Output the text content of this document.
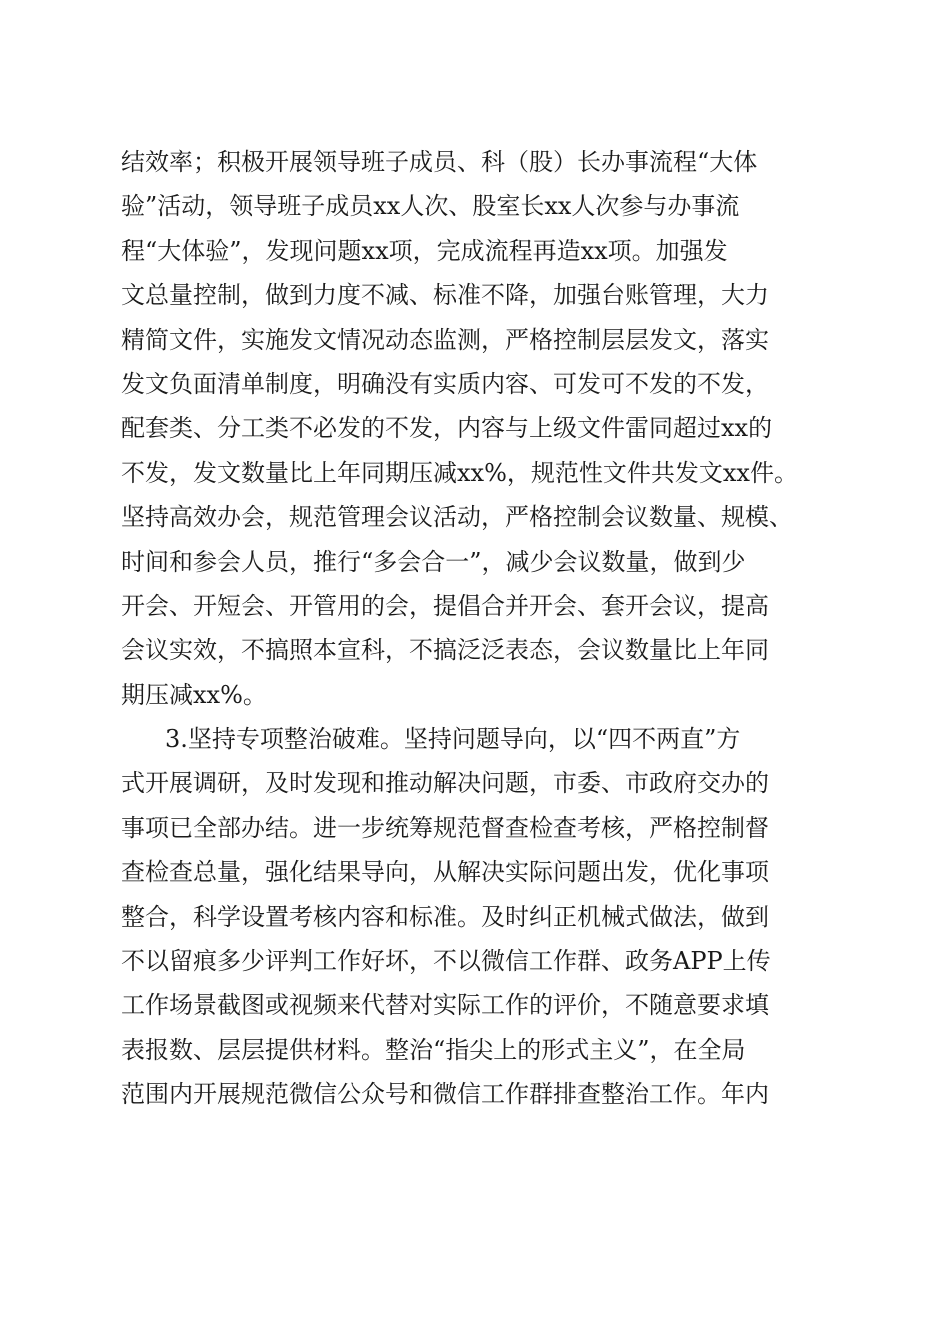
结效率；积极开展领导班子成员、科（股）长办事流程“大体
验”活动，领导班子成员xx人次、股室长xx人次参与办事流
程“大体验”，发现问题xx项，完成流程再造xx项。加强发
文总量控制，做到力度不减、标准不降，加强台账管理，大力
精简文件，实施发文情况动态监测，严格控制层层发文，落实
发文负面清单制度，明确没有实质内容、可发可不发的不发，
配套类、分工类不必发的不发，内容与上级文件雷同超过xx的
不发，发文数量比上年同期压减xx%，规范性文件共发文xx件。
坚持高效办会，规范管理会议活动，严格控制会议数量、规模、
时间和参会人员，推行“多会合一”，减少会议数量，做到少
开会、开短会、开管用的会，提倡合并开会、套开会议，提高
会议实效，不搞照本宣科，不搞泛泛表态，会议数量比上年同
期压减xx%。
3.坚持专项整治破难。坚持问题导向，以“四不两直”方
式开展调研，及时发现和推动解决问题，市委、市政府交办的
事项已全部办结。进一步统筹规范督查检查考核，严格控制督
查检查总量，强化结果导向，从解决实际问题出发，优化事项
整合，科学设置考核内容和标准。及时纠正机械式做法，做到
不以留痕多少评判工作好坏，不以微信工作群、政务APP上传
工作场景截图或视频来代替对实际工作的评价，不随意要求填
表报数、层层提供材料。整治“指尖上的形式主义”，在全局
范围内开展规范微信公众号和微信工作群排查整治工作。年内
